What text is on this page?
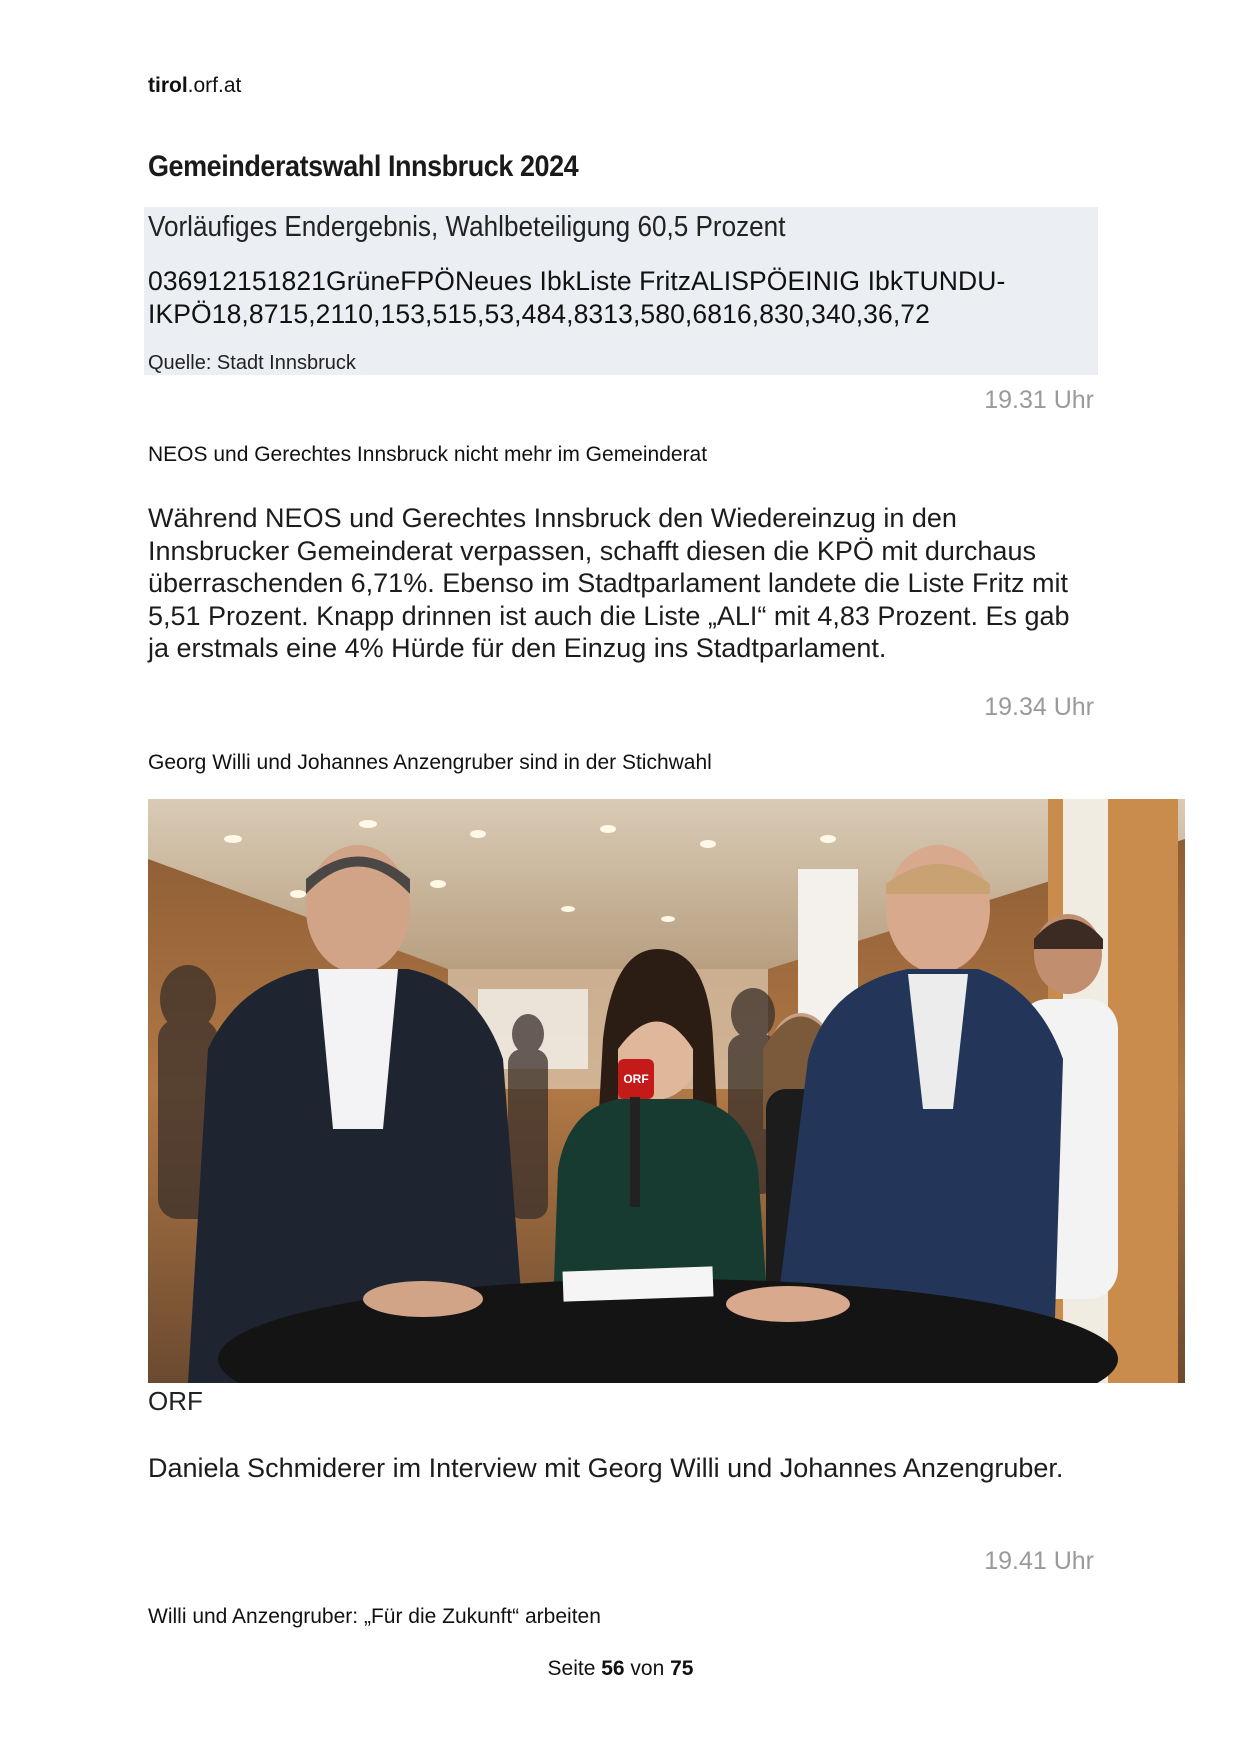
tirol.orf.at
Gemeinderatswahl Innsbruck 2024
Vorläufiges Endergebnis, Wahlbeteiligung 60,5 Prozent
036912151821GrüneFPÖNeues IbkListe FritzALISPÖEINIG IbkTUNDU-
IKPÖ18,8715,2110,153,515,53,484,8313,580,6816,830,340,36,72
Quelle: Stadt Innsbruck
19.31 Uhr
NEOS und Gerechtes Innsbruck nicht mehr im Gemeinderat
Während NEOS und Gerechtes Innsbruck den Wiedereinzug in den Innsbrucker Gemeinderat verpassen, schafft diesen die KPÖ mit durchaus überraschenden 6,71%. Ebenso im Stadtparlament landete die Liste Fritz mit 5,51 Prozent. Knapp drinnen ist auch die Liste „ALI“ mit 4,83 Prozent. Es gab ja erstmals eine 4% Hürde für den Einzug ins Stadtparlament.
19.34 Uhr
Georg Willi und Johannes Anzengruber sind in der Stichwahl
ORF
ORF
Daniela Schmiderer im Interview mit Georg Willi und Johannes Anzengruber.
19.41 Uhr
Willi und Anzengruber: „Für die Zukunft“ arbeiten
Seite 56 von 75
